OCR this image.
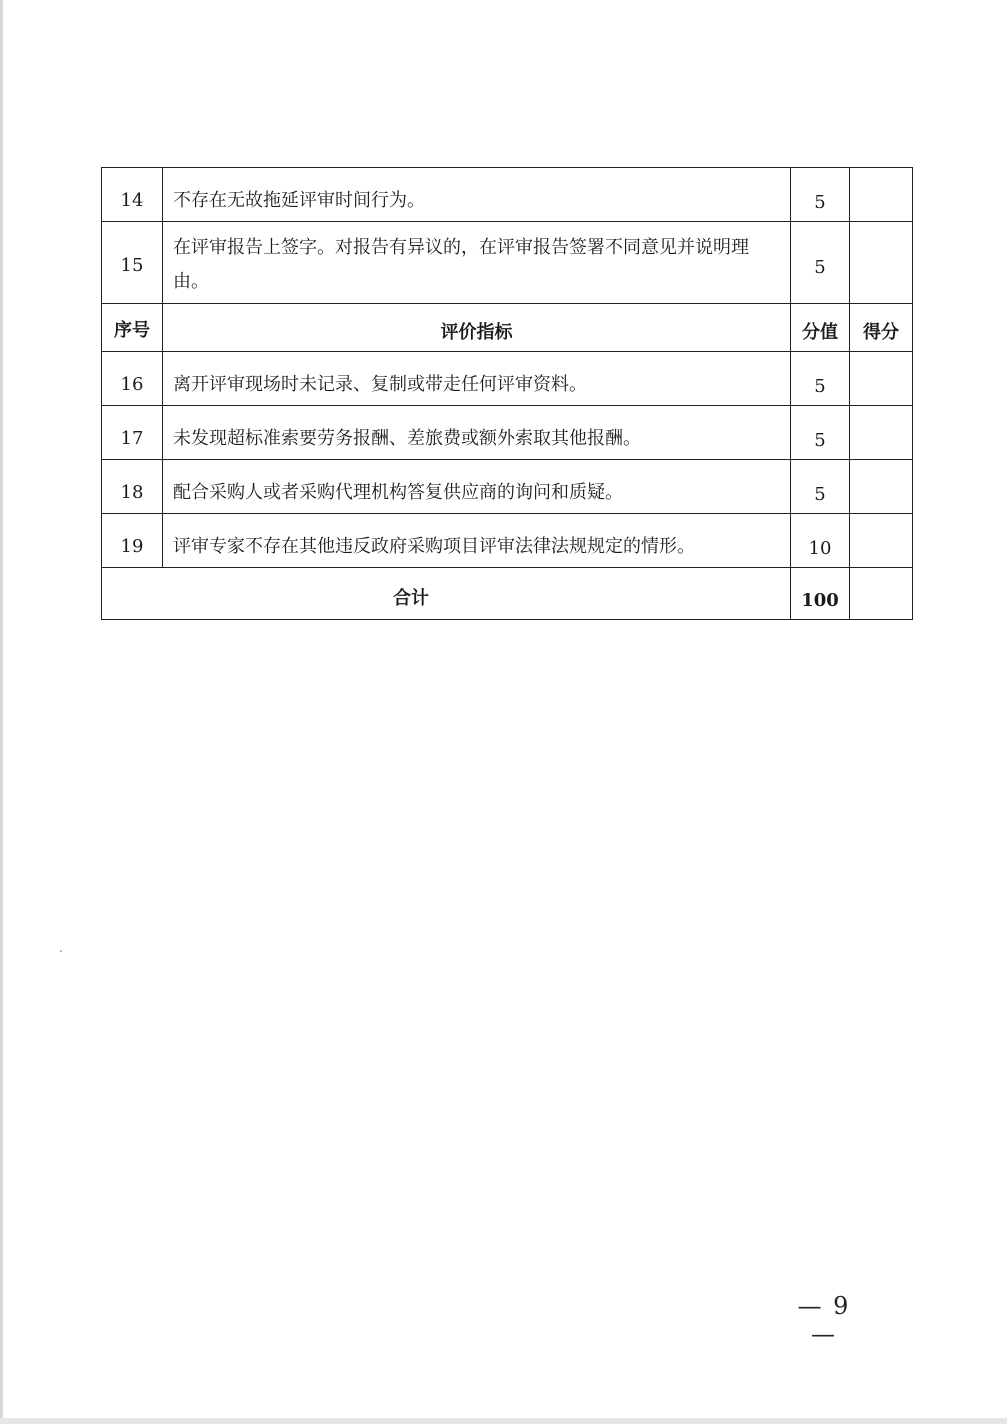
14	不存在无故拖延评审时间行为。	5	
15	在评审报告上签字。对报告有异议的，在评审报告签署不同意见并说明理由。	5	
序号	评价指标	分值	得分
16	离开评审现场时未记录、复制或带走任何评审资料。	5	
17	未发现超标准索要劳务报酬、差旅费或额外索取其他报酬。	5	
18	配合采购人或者采购代理机构答复供应商的询问和质疑。	5	
19	评审专家不存在其他违反政府采购项目评审法律法规规定的情形。	10	
合计		100	
— 9 —
